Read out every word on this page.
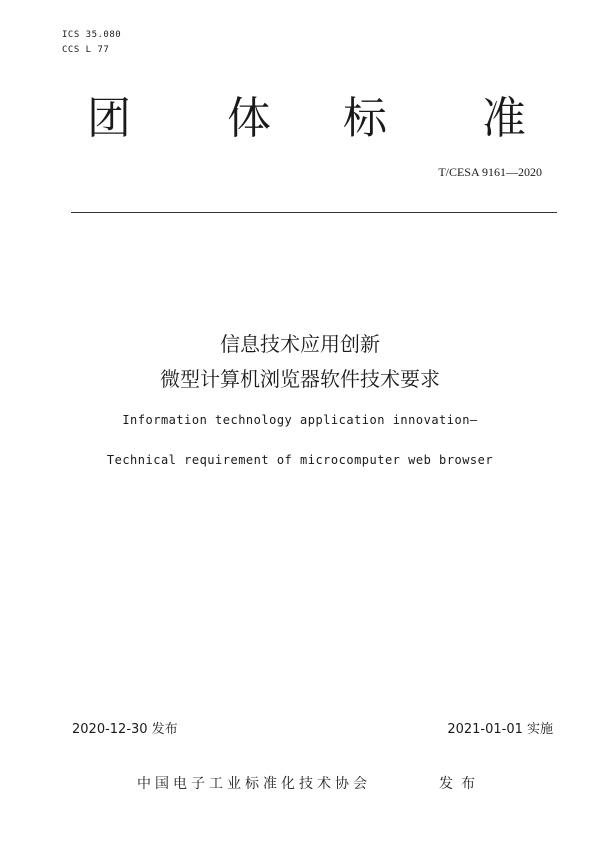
ICS 35.080
CCS L 77
团 体 标 准
T/CESA 9161—2020
信息技术应用创新
微型计算机浏览器软件技术要求
Information technology application innovation—
Technical requirement of microcomputer web browser
2020-12-30 发布	2021-01-01 实施
中国电子工业标准化技术协会	发布
